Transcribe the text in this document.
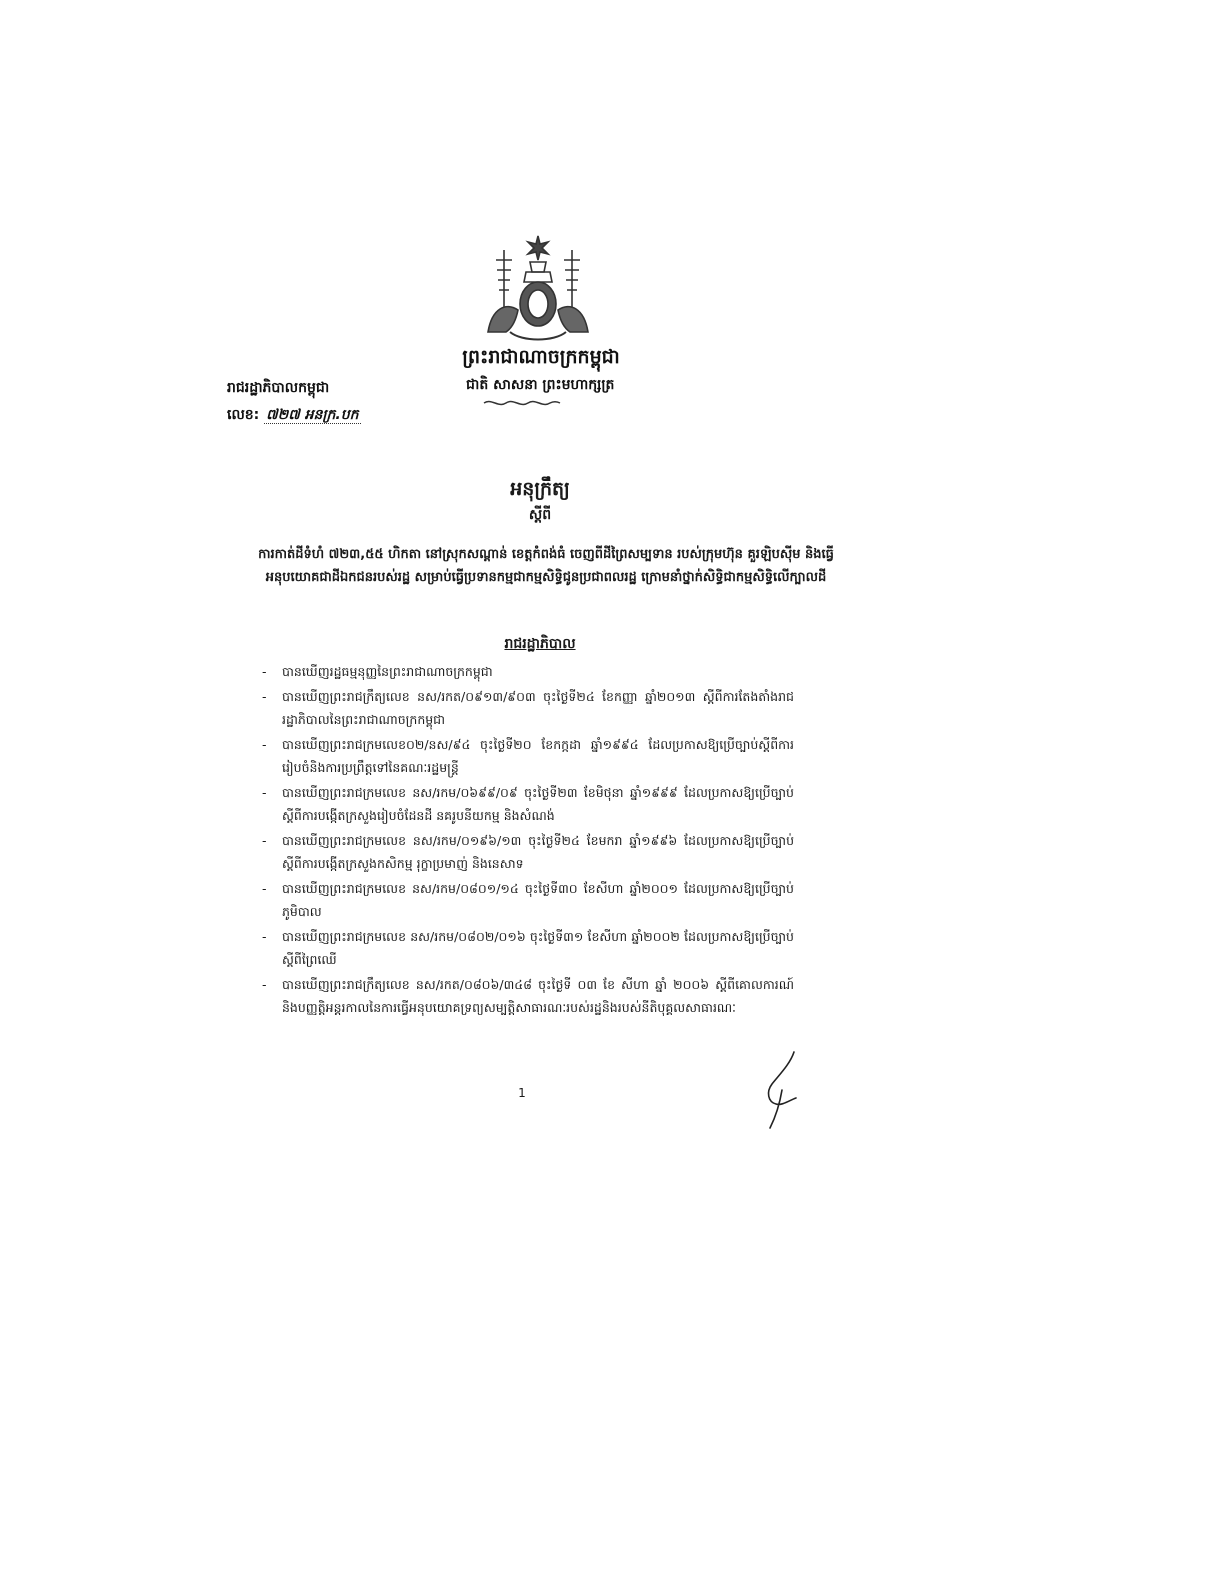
ព្រះរាជាណាចក្រកម្ពុជា
ជាតិ សាសនា ព្រះមហាក្សត្រ
រាជរដ្ឋាភិបាលកម្ពុជា
លេខ: ៧២៧ អនក្រ.បក
អនុក្រឹត្យ
ស្តីពី
ការកាត់ដីទំហំ ៧២៣,៥៥ ហិកតា នៅស្រុកសណ្តាន់ ខេត្តកំពង់ធំ ចេញពីដីព្រៃសម្បទាន របស់ក្រុមហ៊ុន គួរឡិបស៊ីម និងធ្វើអនុបយោគជាដីឯកជនរបស់រដ្ឋ សម្រាប់ធ្វើប្រទានកម្មជាកម្មសិទ្ធិជូនប្រជាពលរដ្ឋ ក្រោមនាំថ្នាក់សិទ្ធិជាកម្មសិទ្ធិលើក្បាលដី
រាជរដ្ឋាភិបាល
- បានឃើញរដ្ឋធម្មនុញ្ញនៃព្រះរាជាណាចក្រកម្ពុជា
- បានឃើញព្រះរាជក្រឹត្យលេខ នស/រកត/០៩១៣/៩០៣ ចុះថ្ងៃទី២៤ ខែកញ្ញា ឆ្នាំ២០១៣ ស្តីពីការតែងតាំងរាជរដ្ឋាភិបាលនៃព្រះរាជាណាចក្រកម្ពុជា
- បានឃើញព្រះរាជក្រមលេខ០២/នស/៩៤ ចុះថ្ងៃទី២០ ខែកក្កដា ឆ្នាំ១៩៩៤ ដែលប្រកាសឱ្យប្រើច្បាប់ស្តីពីការរៀបចំនិងការប្រព្រឹត្តទៅនៃគណៈរដ្ឋមន្ត្រី
- បានឃើញព្រះរាជក្រមលេខ នស/រកម/០៦៩៩/០៩ ចុះថ្ងៃទី២៣ ខែមិថុនា ឆ្នាំ១៩៩៩ ដែលប្រកាសឱ្យប្រើច្បាប់ស្តីពីការបង្កើតក្រសួងរៀបចំដែនដី នគរូបនីយកម្ម និងសំណង់
- បានឃើញព្រះរាជក្រមលេខ នស/រកម/០១៩៦/១៣ ចុះថ្ងៃទី២៤ ខែមករា ឆ្នាំ១៩៩៦ ដែលប្រកាសឱ្យប្រើច្បាប់ស្តីពីការបង្កើតក្រសួងកសិកម្ម រុក្ខាប្រមាញ់ និងនេសាទ
- បានឃើញព្រះរាជក្រមលេខ នស/រកម/០៨០១/១៤ ចុះថ្ងៃទី៣០ ខែសីហា ឆ្នាំ២០០១ ដែលប្រកាសឱ្យប្រើច្បាប់ភូមិបាល
- បានឃើញព្រះរាជក្រមលេខ នស/រកម/០៨០២/០១៦ ចុះថ្ងៃទី៣១ ខែសីហា ឆ្នាំ២០០២ ដែលប្រកាសឱ្យប្រើច្បាប់ស្តីពីព្រៃឈើ
- បានឃើញព្រះរាជក្រឹត្យលេខ នស/រកត/០៨០៦/៣៤៨ ចុះថ្ងៃទី ០៣ ខែ សីហា ឆ្នាំ ២០០៦ ស្តីពីគោលការណ៍ និងបញ្ញត្តិអន្តរកាលនៃការធ្វើអនុបយោគទ្រព្យសម្បត្តិសាធារណៈរបស់រដ្ឋនិងរបស់នីតិបុគ្គលសាធារណៈ
1
